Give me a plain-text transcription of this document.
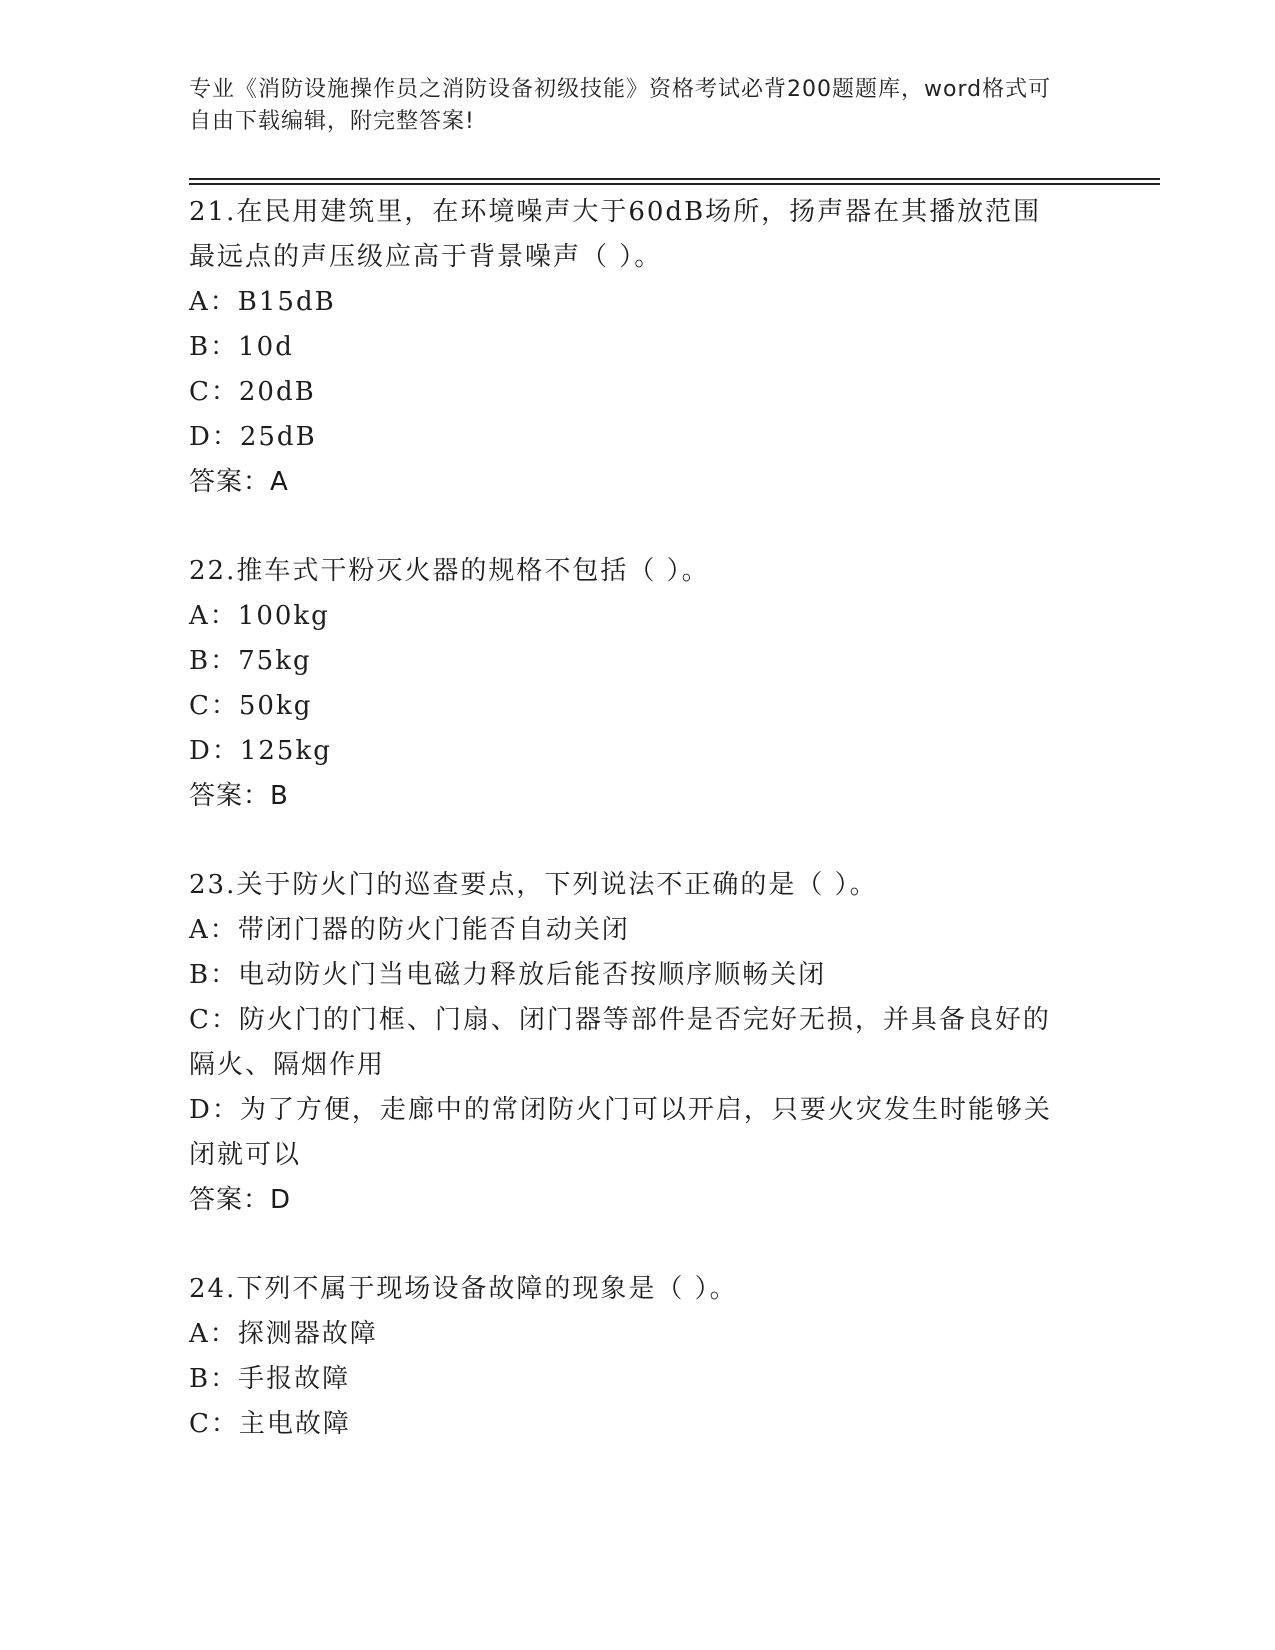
专业《消防设施操作员之消防设备初级技能》资格考试必背200题题库，word格式可自由下载编辑，附完整答案!
21.在民用建筑里，在环境噪声大于60dB场所，扬声器在其播放范围最远点的声压级应高于背景噪声（ ）。
A：B15dB
B：10d
C：20dB
D：25dB
答案：A
22.推车式干粉灭火器的规格不包括（ ）。
A：100kg
B：75kg
C：50kg
D：125kg
答案：B
23.关于防火门的巡查要点，下列说法不正确的是（ ）。
A：带闭门器的防火门能否自动关闭
B：电动防火门当电磁力释放后能否按顺序顺畅关闭
C：防火门的门框、门扇、闭门器等部件是否完好无损，并具备良好的隔火、隔烟作用
D：为了方便，走廊中的常闭防火门可以开启，只要火灾发生时能够关闭就可以
答案：D
24.下列不属于现场设备故障的现象是（ ）。
A：探测器故障
B：手报故障
C：主电故障
